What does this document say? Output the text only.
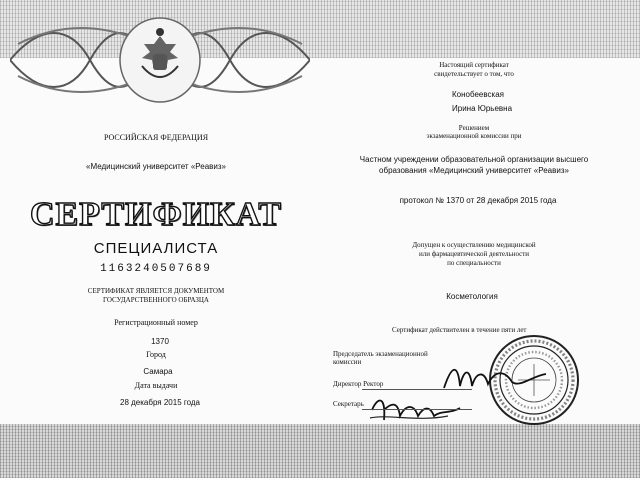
РОССИЙСКАЯ ФЕДЕРАЦИЯ
«Медицинский университет «Реавиз»
СЕРТИФИКАТ
СПЕЦИАЛИСТА
1163240507689
СЕРТИФИКАТ ЯВЛЯЕТСЯ ДОКУМЕНТОМ
ГОСУДАРСТВЕННОГО ОБРАЗЦА
Регистрационный номер
1370
Город
Самара
Дата выдачи
28 декабря 2015 года
Настоящий сертификат
свидетельствует о том, что
Конобеевская
Ирина Юрьевна
Решением
экзаменационной комиссии при
Частном учреждении образовательной организации высшего
образования «Медицинский университет «Реавиз»
протокол № 1370 от 28 декабря 2015 года
Допущен к осуществлению медицинской
или фармацевтической деятельности
по специальности
Косметология
Сертификат действителен в течение пяти лет
Председатель экзаменационной
комиссии
Директор Ректор
Секретарь
